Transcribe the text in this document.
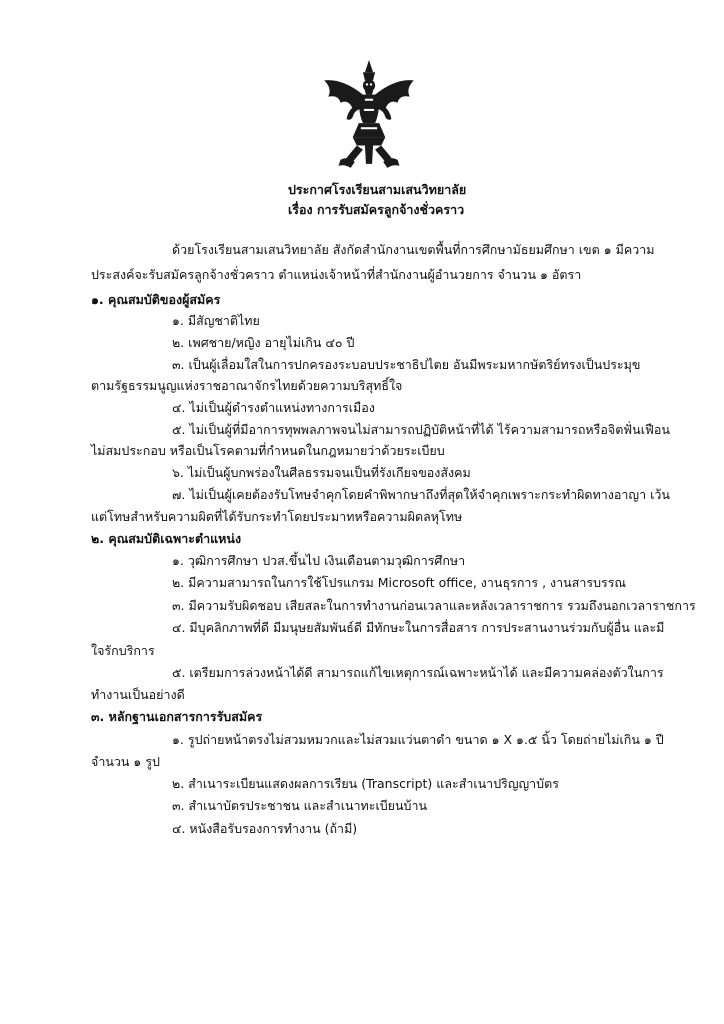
ประกาศโรงเรียนสามเสนวิทยาลัย
เรื่อง การรับสมัครลูกจ้างชั่วคราว
ด้วยโรงเรียนสามเสนวิทยาลัย สังกัดสำนักงานเขตพื้นที่การศึกษามัธยมศึกษา เขต ๑ มีความ
ประสงค์จะรับสมัครลูกจ้างชั่วคราว ตำแหน่งเจ้าหน้าที่สำนักงานผู้อำนวยการ จำนวน ๑ อัตรา
๑. คุณสมบัติของผู้สมัคร
๑. มีสัญชาติไทย
๒. เพศชาย/หญิง อายุไม่เกิน ๔๐ ปี
๓. เป็นผู้เลื่อมใสในการปกครองระบอบประชาธิปไตย อันมีพระมหากษัตริย์ทรงเป็นประมุข
ตามรัฐธรรมนูญแห่งราชอาณาจักรไทยด้วยความบริสุทธิ์ใจ
๔. ไม่เป็นผู้ดำรงตำแหน่งทางการเมือง
๕. ไม่เป็นผู้ที่มีอาการทุพพลภาพจนไม่สามารถปฏิบัติหน้าที่ได้ ไร้ความสามารถหรือจิตฟั่นเฟือน
ไม่สมประกอบ หรือเป็นโรคตามที่กำหนดในกฎหมายว่าด้วยระเบียบ
๖. ไม่เป็นผู้บกพร่องในศีลธรรมจนเป็นที่รังเกียจของสังคม
๗. ไม่เป็นผู้เคยต้องรับโทษจำคุกโดยคำพิพากษาถึงที่สุดให้จำคุกเพราะกระทำผิดทางอาญา เว้น
แต่โทษสำหรับความผิดที่ได้รับกระทำโดยประมาทหรือความผิดลหุโทษ
๒. คุณสมบัติเฉพาะตำแหน่ง
๑. วุฒิการศึกษา ปวส.ขึ้นไป เงินเดือนตามวุฒิการศึกษา
๒. มีความสามารถในการใช้โปรแกรม Microsoft office, งานธุรการ , งานสารบรรณ
๓. มีความรับผิดชอบ เสียสละในการทำงานก่อนเวลาและหลังเวลาราชการ รวมถึงนอกเวลาราชการ
๔. มีบุคลิกภาพที่ดี มีมนุษยสัมพันธ์ดี มีทักษะในการสื่อสาร การประสานงานร่วมกับผู้อื่น และมี
ใจรักบริการ
๕. เตรียมการล่วงหน้าได้ดี สามารถแก้ไขเหตุการณ์เฉพาะหน้าได้ และมีความคล่องตัวในการ
ทำงานเป็นอย่างดี
๓. หลักฐานเอกสารการรับสมัคร
๑. รูปถ่ายหน้าตรงไม่สวมหมวกและไม่สวมแว่นตาดำ ขนาด ๑ X ๑.๕ นิ้ว โดยถ่ายไม่เกิน ๑ ปี
จำนวน ๑ รูป
๒. สำเนาระเบียนแสดงผลการเรียน (Transcript) และสำเนาปริญญาบัตร
๓. สำเนาบัตรประชาชน และสำเนาทะเบียนบ้าน
๔. หนังสือรับรองการทำงาน (ถ้ามี)
